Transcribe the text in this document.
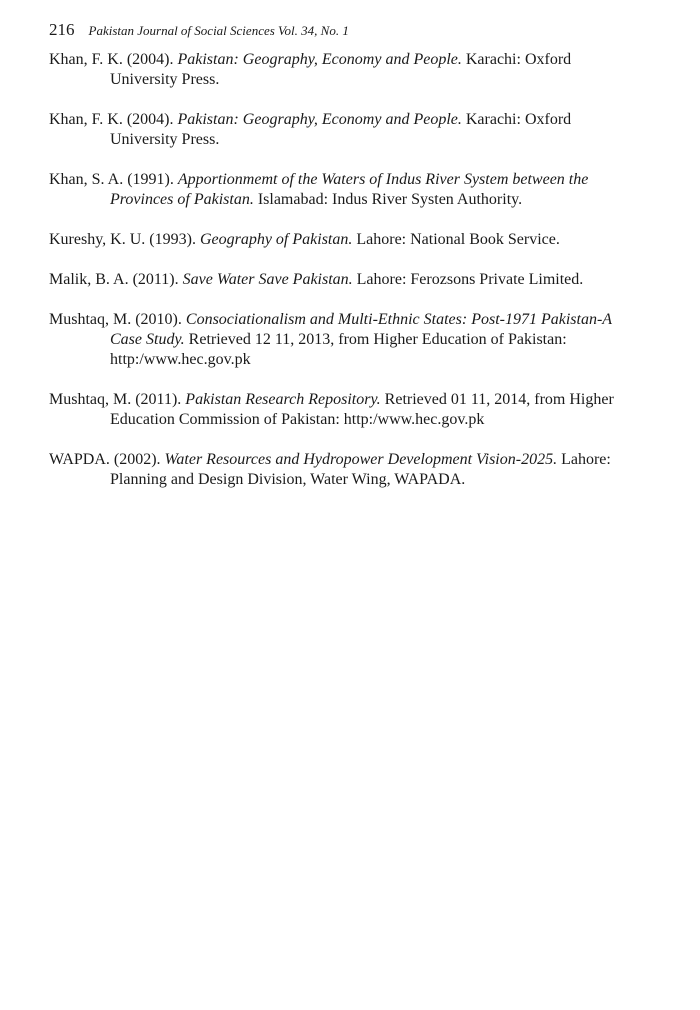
216 Pakistan Journal of Social Sciences Vol. 34, No. 1

Khan, F. K. (2004). Pakistan: Geography, Economy and People. Karachi: Oxford
University Press.

Khan, F. K. (2004). Pakistan: Geography, Economy and People. Karachi: Oxford
University Press.

Khan, S. A. (1991). Apportionmemt of the Waters of Indus River System between the
Provinces of Pakistan. Islamabad: Indus River Systen Authority.

Kureshy, K. U. (1993). Geography of Pakistan. Lahore: National Book Service.

Malik, B. A. (2011). Save Water Save Pakistan. Lahore: Ferozsons Private Limited.

Mushtaq, M. (2010). Consociationalism and Multi-Ethnic States: Post-1971 Pakistan-A
Case Study. Retrieved 12 11, 2013, from Higher Education of Pakistan:
http:/www.hec.gov.pk

Mushtaq, M. (2011). Pakistan Research Repository. Retrieved 01 11, 2014, from Higher
Education Commission of Pakistan: http:/www.hec.gov.pk

WAPDA. (2002). Water Resources and Hydropower Development Vision-2025. Lahore:
Planning and Design Division, Water Wing, WAPADA.
